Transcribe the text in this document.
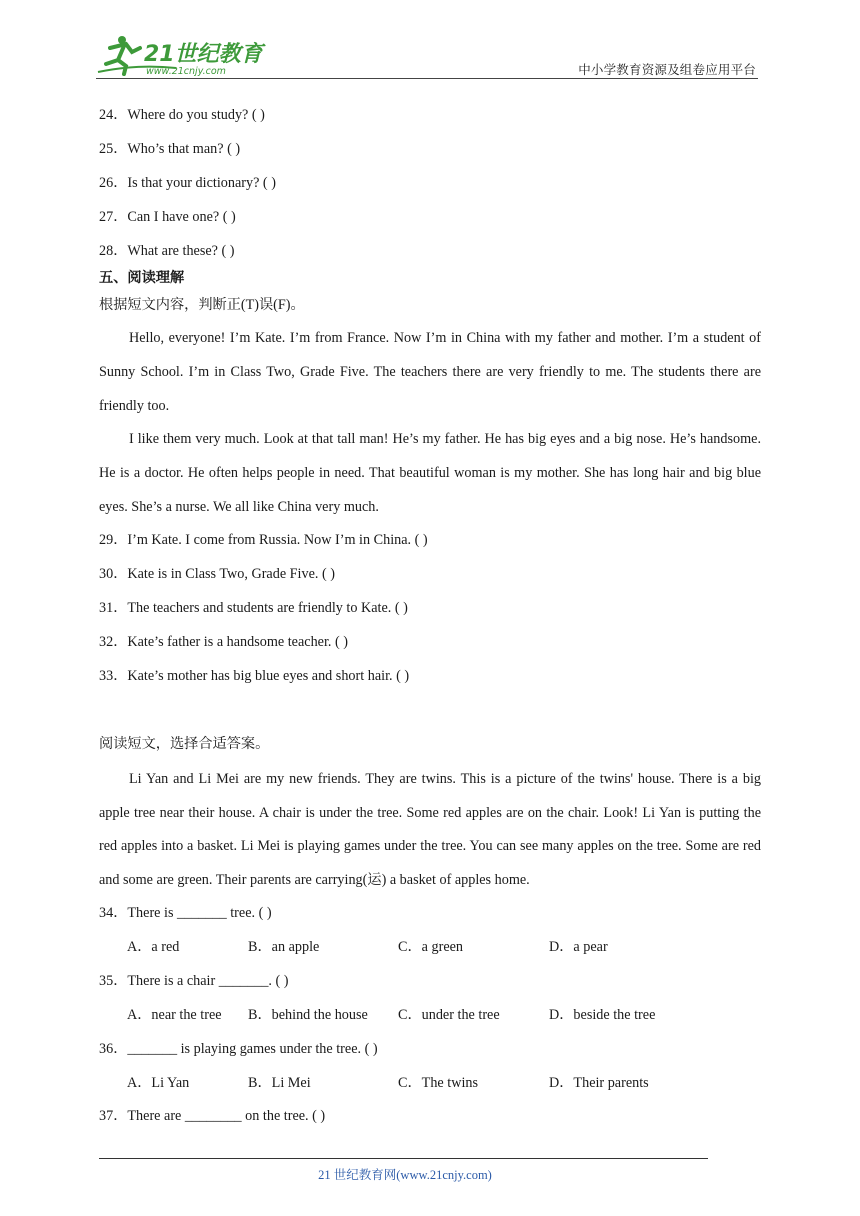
21世纪教育
www.21cnjy.com	中小学教育资源及组卷应用平台
24．Where do you study? ( )
25．Who’s that man? ( )
26．Is that your dictionary? ( )
27．Can I have one? ( )
28．What are these? ( )
五、阅读理解
根据短文内容，判断正(T)误(F)。

Hello, everyone! I’m Kate. I’m from France. Now I’m in China with my father and mother. I’m a student of Sunny School. I’m in Class Two, Grade Five. The teachers there are very friendly to me. The students there are friendly too.

I like them very much. Look at that tall man! He’s my father. He has big eyes and a big nose. He’s handsome. He is a doctor. He often helps people in need. That beautiful woman is my mother. She has long hair and big blue eyes. She’s a nurse. We all like China very much.

29．I’m Kate. I come from Russia. Now I’m in China. ( )
30．Kate is in Class Two, Grade Five. ( )
31．The teachers and students are friendly to Kate. ( )
32．Kate’s father is a handsome teacher. ( )
33．Kate’s mother has big blue eyes and short hair. ( )
阅读短文，选择合适答案。

Li Yan and Li Mei are my new friends. They are twins. This is a picture of the twins' house. There is a big apple tree near their house. A chair is under the tree. Some red apples are on the chair. Look! Li Yan is putting the red apples into a basket. Li Mei is playing games under the tree. You can see many apples on the tree. Some are red and some are green. Their parents are carrying(运) a basket of apples home.

34．There is _______ tree. ( )
A．a red	B．an apple	C．a green	D．a pear
35．There is a chair _______. ( )
A．near the tree B．behind the house C．under the tree	D．beside the tree
36．_______ is playing games under the tree. ( )
A．Li Yan	B．Li Mei	C．The twins	D．Their parents
37．There are ________ on the tree. ( )
21 世纪教育网(www.21cnjy.com)
